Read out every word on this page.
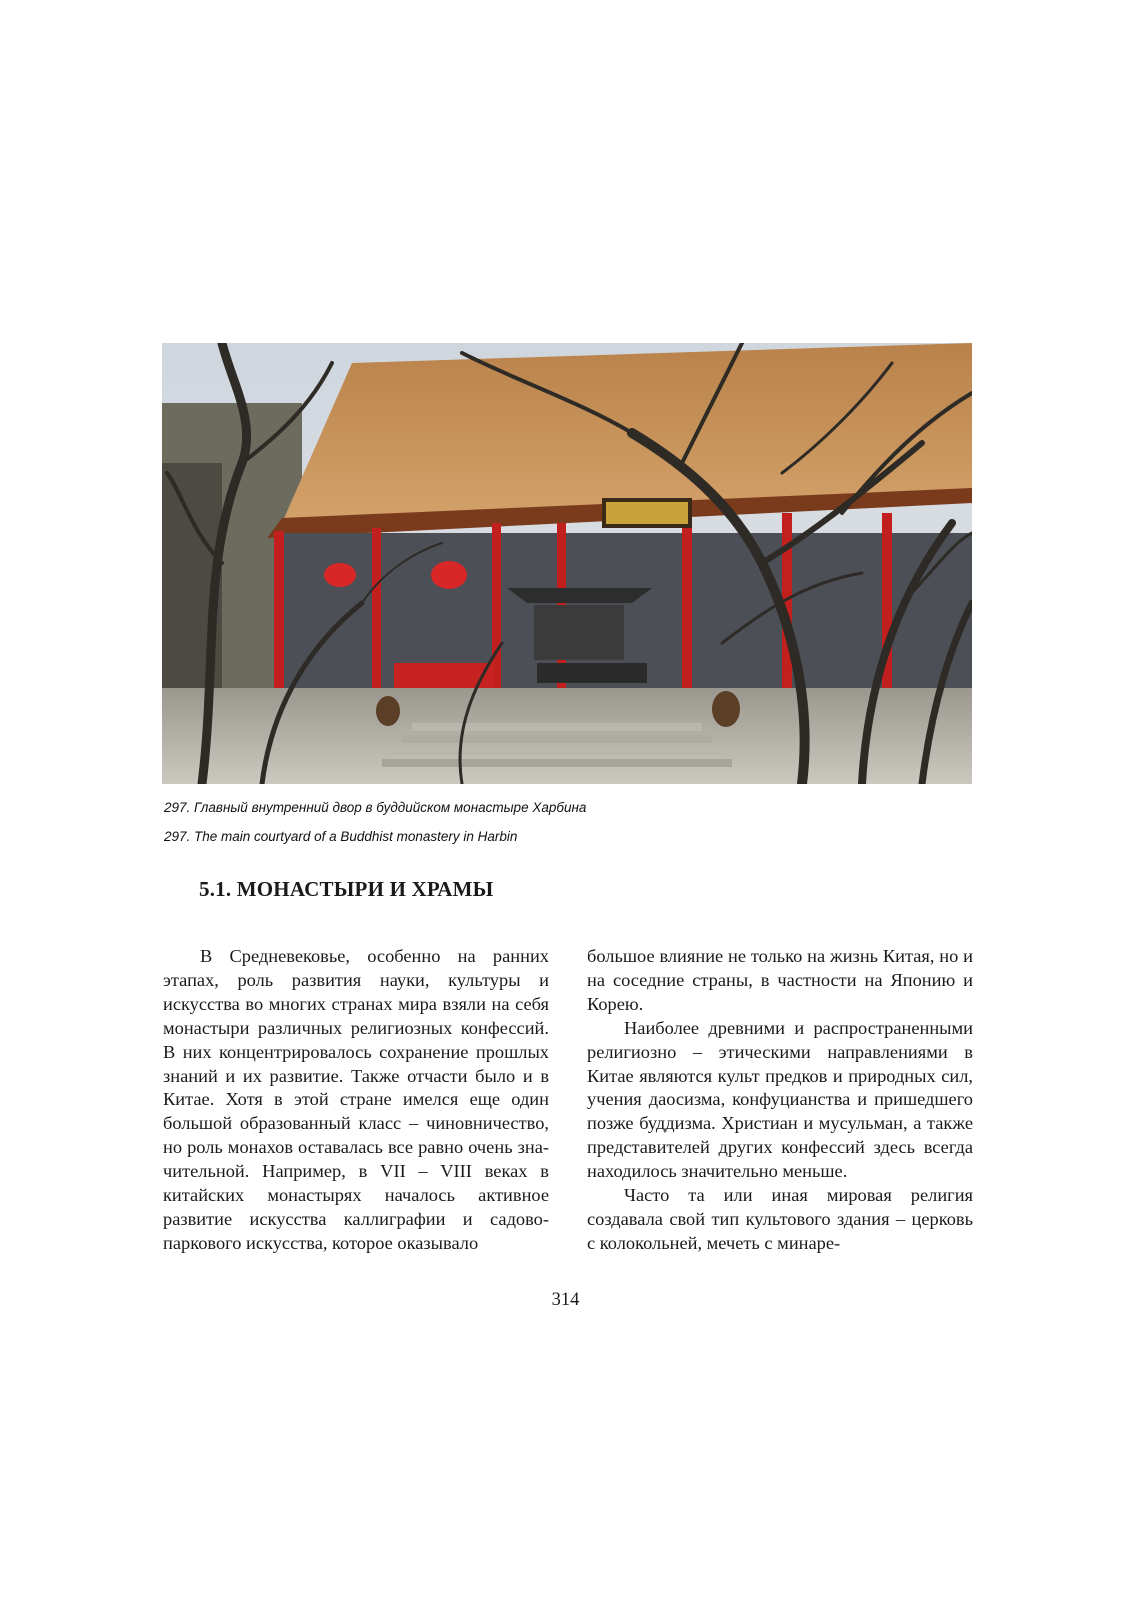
297. Главный внутренний двор в буддийском монастыре Харбина
297. The main courtyard of a Buddhist monastery in Harbin
5.1. МОНАСТЫРИ И ХРАМЫ

В Средневековье, особенно на ранних этапах, роль развития науки, культуры и искусства во многих странах мира взяли на себя монастыри различных религиозных конфессий. В них концентрировалось сохранение прошлых знаний и их развитие. Также отчасти было и в Китае. Хотя в этой стране имелся еще один большой образованный класс – чиновничество, но роль монахов оставалась все равно очень значительной. Например, в VII – VIII веках в китайских монастырях началось активное развитие искусства каллиграфии и садовопаркового искусства, которое оказывало

большое влияние не только на жизнь Китая, но и на соседние страны, в частности на Японию и Корею.

Наиболее древними и распространенными религиозно – этическими направлениями в Китае являются культ предков и природных сил, учения даосизма, конфуцианства и пришедшего позже буддизма. Христиан и мусульман, а также представителей других конфессий здесь всегда находилось значительно меньше.

Часто та или иная мировая религия создавала свой тип культового здания – церковь с колокольней, мечеть с минаре-

314
